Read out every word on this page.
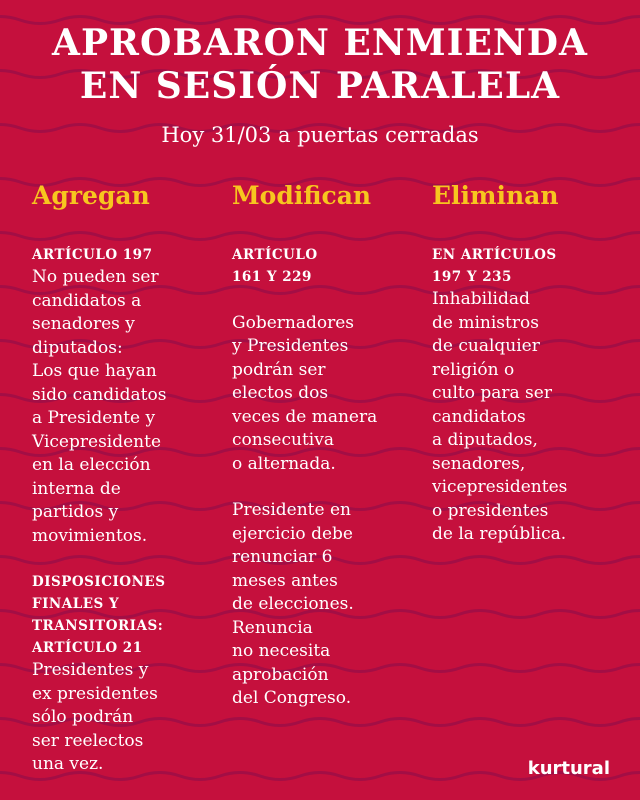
APROBARON ENMIENDA
EN SESIÓN PARALELA

Hoy 31/03 a puertas cerradas

Agregan

ARTÍCULO 197

No pueden ser
candidatos a
senadores y
diputados:
Los que hayan
sido candidatos
a Presidente y
Vicepresidente
en la elección
interna de
partidos y
movimientos.

DISPOSICIONES
FINALES Y
TRANSITORIAS:
ARTÍCULO 21

Presidentes y
ex presidentes
sólo podrán
ser reelectos
una vez.

Modifican

ARTÍCULO
161 Y 229

Gobernadores
y Presidentes
podrán ser
electos dos
veces de manera
consecutiva
o alternada.

Presidente en
ejercicio debe
renunciar 6
meses antes
de elecciones.
Renuncia
no necesita
aprobación
del Congreso.

Eliminan

EN ARTÍCULOS
197 Y 235

Inhabilidad
de ministros
de cualquier
religión o
culto para ser
candidatos
a diputados,
senadores,
vicepresidentes
o presidentes
de la república.

kurtural
